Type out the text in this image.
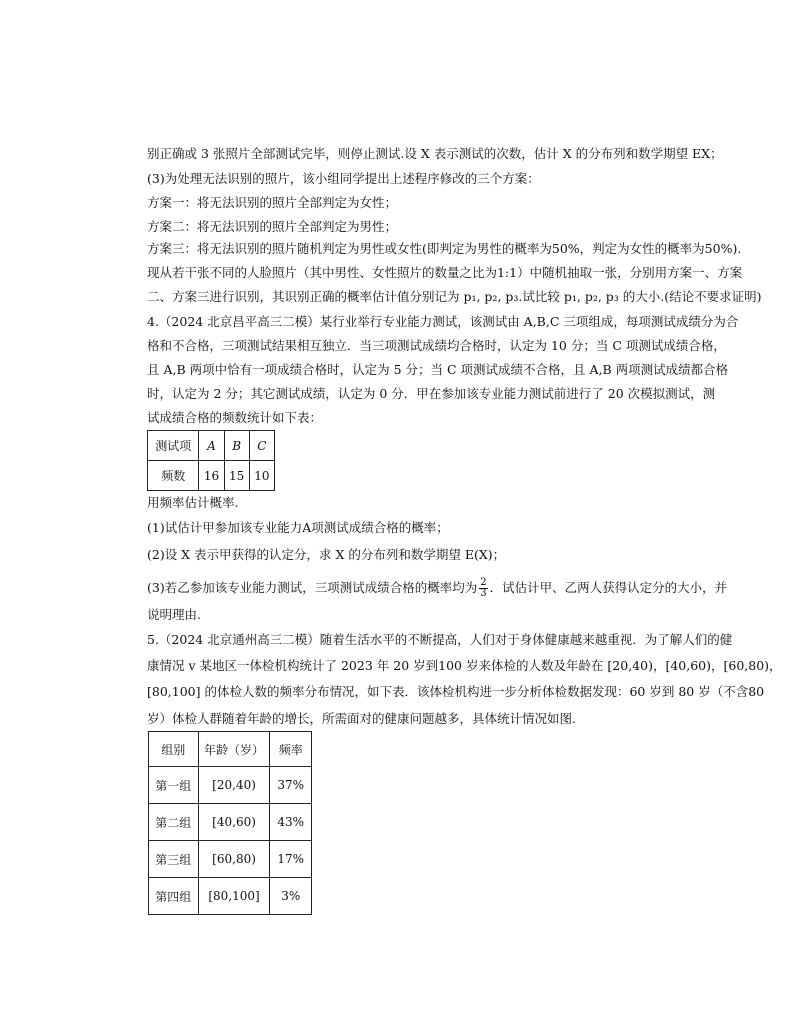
别正确或 3 张照片全部测试完毕，则停止测试.设 X 表示测试的次数，估计 X 的分布列和数学期望 EX；
(3)为处理无法识别的照片，该小组同学提出上述程序修改的三个方案：
方案一：将无法识别的照片全部判定为女性；
方案二：将无法识别的照片全部判定为男性；
方案三：将无法识别的照片随机判定为男性或女性(即判定为男性的概率为50%，判定为女性的概率为50%).
现从若干张不同的人脸照片（其中男性、女性照片的数量之比为1:1）中随机抽取一张，分别用方案一、方案
二、方案三进行识别，其识别正确的概率估计值分别记为 p₁, p₂, p₃.试比较 p₁, p₂, p₃ 的大小.(结论不要求证明)
4.（2024 北京昌平高三二模）某行业举行专业能力测试，该测试由 A,B,C 三项组成，每项测试成绩分为合
格和不合格，三项测试结果相互独立．当三项测试成绩均合格时，认定为 10 分；当 C 项测试成绩合格，
且 A,B 两项中恰有一项成绩合格时，认定为 5 分；当 C 项测试成绩不合格，且 A,B 两项测试成绩都合格
时，认定为 2 分；其它测试成绩，认定为 0 分．甲在参加该专业能力测试前进行了 20 次模拟测试，测
试成绩合格的频数统计如下表：
测试项	A	B	C
频数	16	15	10
用频率估计概率.
(1)试估计甲参加该专业能力A项测试成绩合格的概率；
(2)设 X 表示甲获得的认定分，求 X 的分布列和数学期望 E(X)；
(3)若乙参加该专业能力测试，三项测试成绩合格的概率均为 $\frac{2}{3}$ ．试估计甲、乙两人获得认定分的大小，并
说明理由.
5.（2024 北京通州高三二模）随着生活水平的不断提高，人们对于身体健康越来越重视．为了解人们的健
康情况 v 某地区一体检机构统计了 2023 年 20 岁到100 岁来体检的人数及年龄在 [20,40)，[40,60)，[60,80)，
[80,100] 的体检人数的频率分布情况，如下表．该体检机构进一步分析体检数据发现：60 岁到 80 岁（不含80
岁）体检人群随着年龄的增长，所需面对的健康问题越多，具体统计情况如图.
组别	年龄（岁）	频率
第一组	[20,40)	37%
第二组	[40,60)	43%
第三组	[60,80)	17%
第四组	[80,100]	3%
